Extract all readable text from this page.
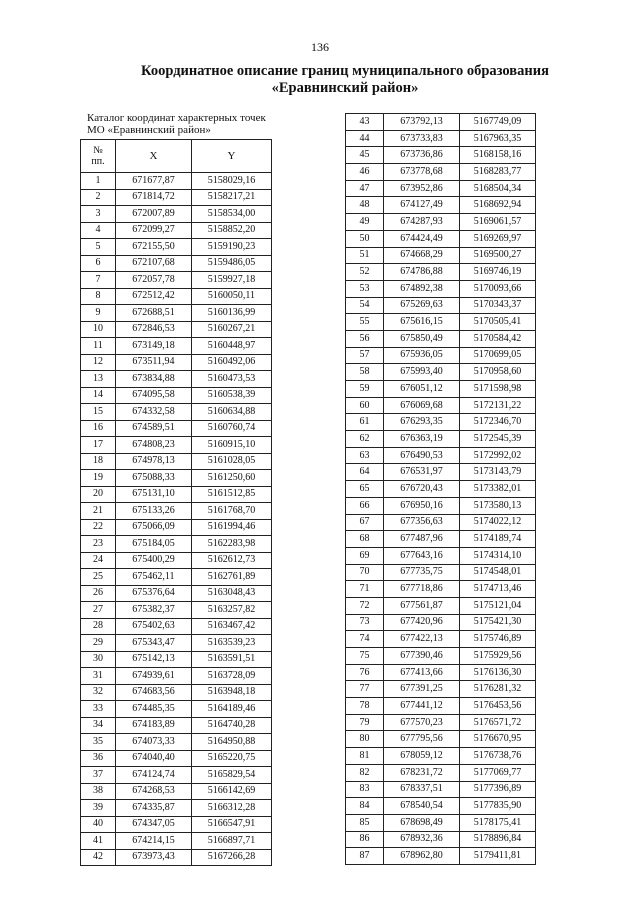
136
Координатное описание границ муниципального образования
«Еравнинский район»
Каталог координат характерных точек МО «Еравнинский район»
№
пп.	X	Y
1	671677,87	5158029,16
2	671814,72	5158217,21
3	672007,89	5158534,00
4	672099,27	5158852,20
5	672155,50	5159190,23
6	672107,68	5159486,05
7	672057,78	5159927,18
8	672512,42	5160050,11
9	672688,51	5160136,99
10	672846,53	5160267,21
11	673149,18	5160448,97
12	673511,94	5160492,06
13	673834,88	5160473,53
14	674095,58	5160538,39
15	674332,58	5160634,88
16	674589,51	5160760,74
17	674808,23	5160915,10
18	674978,13	5161028,05
19	675088,33	5161250,60
20	675131,10	5161512,85
21	675133,26	5161768,70
22	675066,09	5161994,46
23	675184,05	5162283,98
24	675400,29	5162612,73
25	675462,11	5162761,89
26	675376,64	5163048,43
27	675382,37	5163257,82
28	675402,63	5163467,42
29	675343,47	5163539,23
30	675142,13	5163591,51
31	674939,61	5163728,09
32	674683,56	5163948,18
33	674485,35	5164189,46
34	674183,89	5164740,28
35	674073,33	5164950,88
36	674040,40	5165220,75
37	674124,74	5165829,54
38	674268,53	5166142,69
39	674335,87	5166312,28
40	674347,05	5166547,91
41	674214,15	5166897,71
42	673973,43	5167266,28
43	673792,13	5167749,09
44	673733,83	5167963,35
45	673736,86	5168158,16
46	673778,68	5168283,77
47	673952,86	5168504,34
48	674127,49	5168692,94
49	674287,93	5169061,57
50	674424,49	5169269,97
51	674668,29	5169500,27
52	674786,88	5169746,19
53	674892,38	5170093,66
54	675269,63	5170343,37
55	675616,15	5170505,41
56	675850,49	5170584,42
57	675936,05	5170699,05
58	675993,40	5170958,60
59	676051,12	5171598,98
60	676069,68	5172131,22
61	676293,35	5172346,70
62	676363,19	5172545,39
63	676490,53	5172992,02
64	676531,97	5173143,79
65	676720,43	5173382,01
66	676950,16	5173580,13
67	677356,63	5174022,12
68	677487,96	5174189,74
69	677643,16	5174314,10
70	677735,75	5174548,01
71	677718,86	5174713,46
72	677561,87	5175121,04
73	677420,96	5175421,30
74	677422,13	5175746,89
75	677390,46	5175929,56
76	677413,66	5176136,30
77	677391,25	5176281,32
78	677441,12	5176453,56
79	677570,23	5176571,72
80	677795,56	5176670,95
81	678059,12	5176738,76
82	678231,72	5177069,77
83	678337,51	5177396,89
84	678540,54	5177835,90
85	678698,49	5178175,41
86	678932,36	5178896,84
87	678962,80	5179411,81
